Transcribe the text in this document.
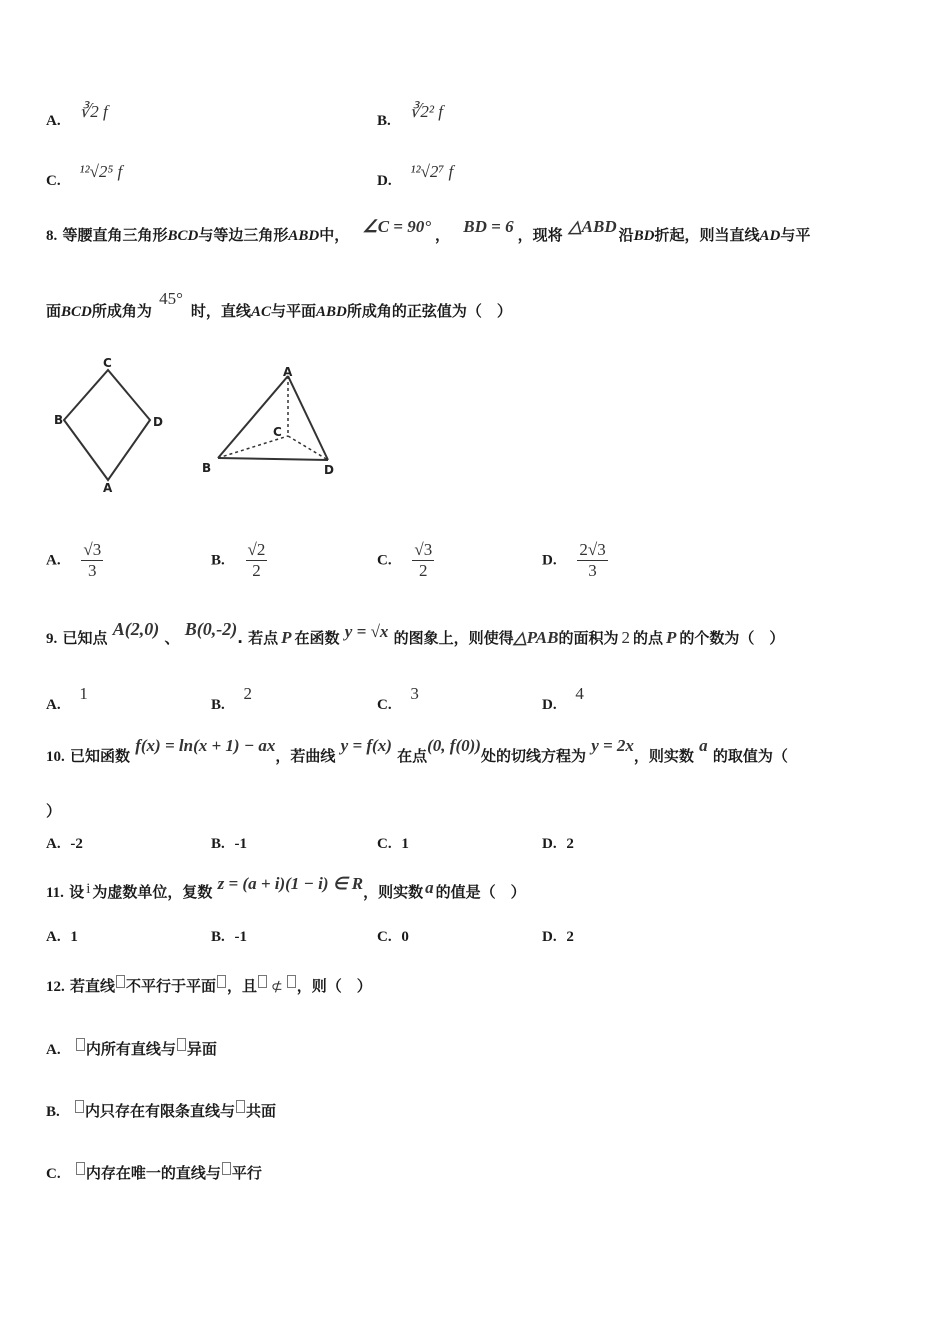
A. ∛2 f	B. ∛2² f
C. ¹²√2⁵ f	D. ¹²√2⁷ f
8. 等腰直角三角形BCD与等边三角形ABD中， ∠C = 90° ， BD = 6 ，现将 △ABD 沿BD折起，则当直线AD与平
面BCD所成角为 45°时，直线AC与平面ABD所成角的正弦值为（　）
C
B	D
A
A
C
B	D
A. $\frac{√3}{3}$	B. $\frac{√2}{2}$	C. $\frac{√3}{2}$	D. $\frac{2√3}{3}$
9. 已知点 A(2,0) 、 B(0,-2). 若点 P 在函数 y = √x 的图象上，则使得△PAB的面积为 2 的点 P 的个数为（　）
A. 1
B. 2
C. 3
D. 4
10. 已知函数 f(x) = ln(x + 1) − ax，若曲线 y = f(x) 在点(0, f(0))处的切线方程为 y = 2x，则实数 a 的取值为（
）
A. -2	B. -1	C. 1	D. 2
11. 设 i 为虚数单位，复数 z = (a + i)(1 − i) ∈ R，则实数 a 的值是（　）
A. 1	B. -1	C. 0	D. 2
12. 若直线 不平行于平面 ，且 ⊄ ，则（　）
A. 内所有直线与 异面
B. 内只存在有限条直线与 共面
C. 内存在唯一的直线与 平行
